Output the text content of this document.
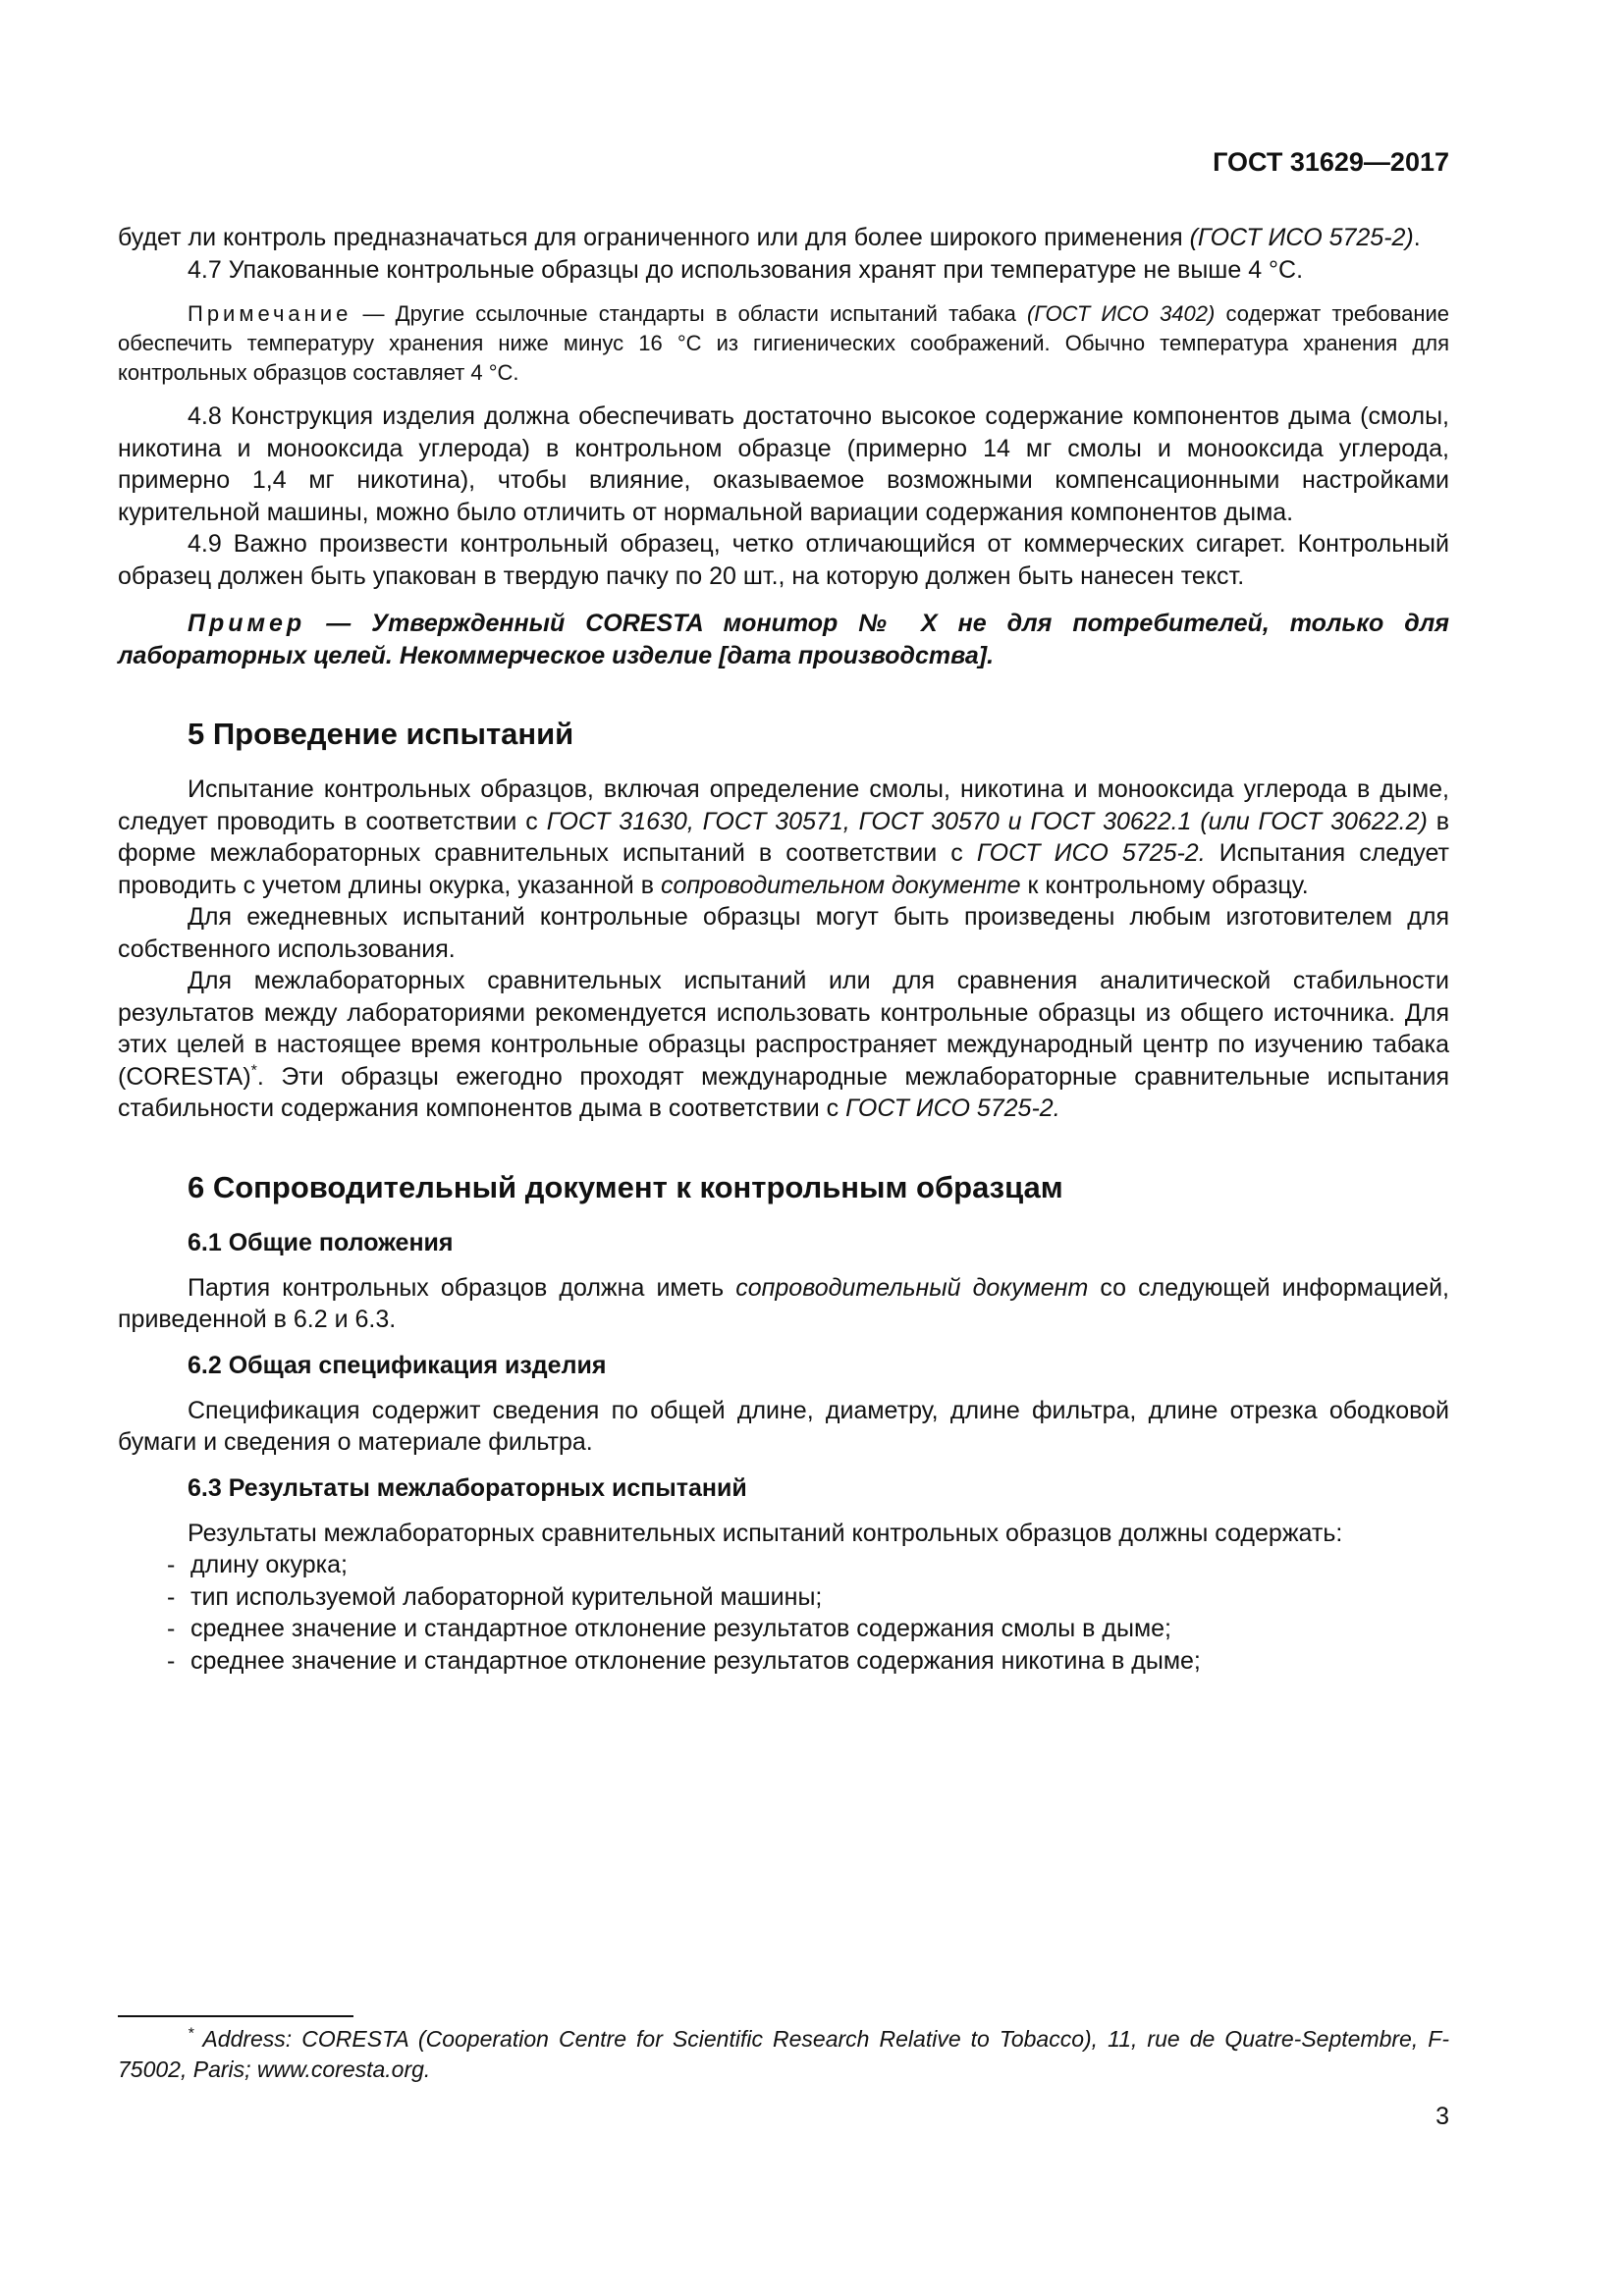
ГОСТ 31629—2017

будет ли контроль предназначаться для ограниченного или для более широкого применения (ГОСТ ИСО 5725-2).

4.7 Упакованные контрольные образцы до использования хранят при температуре не выше 4 °С.

Примечание — Другие ссылочные стандарты в области испытаний табака (ГОСТ ИСО 3402) содержат требование обеспечить температуру хранения ниже минус 16 °С из гигиенических соображений. Обычно температура хранения для контрольных образцов составляет 4 °С.

4.8 Конструкция изделия должна обеспечивать достаточно высокое содержание компонентов дыма (смолы, никотина и монооксида углерода) в контрольном образце (примерно 14 мг смолы и монооксида углерода, примерно 1,4 мг никотина), чтобы влияние, оказываемое возможными компенсационными настройками курительной машины, можно было отличить от нормальной вариации содержания компонентов дыма.

4.9 Важно произвести контрольный образец, четко отличающийся от коммерческих сигарет. Контрольный образец должен быть упакован в твердую пачку по 20 шт., на которую должен быть нанесен текст.

Пример — Утвержденный CORESTA монитор № Х не для потребителей, только для лабораторных целей. Некоммерческое изделие [дата производства].

5 Проведение испытаний

Испытание контрольных образцов, включая определение смолы, никотина и монооксида углерода в дыме, следует проводить в соответствии с ГОСТ 31630, ГОСТ 30571, ГОСТ 30570 и ГОСТ 30622.1 (или ГОСТ 30622.2) в форме межлабораторных сравнительных испытаний в соответствии с ГОСТ ИСО 5725-2. Испытания следует проводить с учетом длины окурка, указанной в сопроводительном документе к контрольному образцу.

Для ежедневных испытаний контрольные образцы могут быть произведены любым изготовителем для собственного использования.

Для межлабораторных сравнительных испытаний или для сравнения аналитической стабильности результатов между лабораториями рекомендуется использовать контрольные образцы из общего источника. Для этих целей в настоящее время контрольные образцы распространяет международный центр по изучению табака (CORESTA)*. Эти образцы ежегодно проходят международные межлабораторные сравнительные испытания стабильности содержания компонентов дыма в соответствии с ГОСТ ИСО 5725-2.

6 Сопроводительный документ к контрольным образцам
6.1 Общие положения

Партия контрольных образцов должна иметь сопроводительный документ со следующей информацией, приведенной в 6.2 и 6.3.

6.2 Общая спецификация изделия

Спецификация содержит сведения по общей длине, диаметру, длине фильтра, длине отрезка ободковой бумаги и сведения о материале фильтра.

6.3 Результаты межлабораторных испытаний

Результаты межлабораторных сравнительных испытаний контрольных образцов должны содержать:

- длину окурка;
- тип используемой лабораторной курительной машины;
- среднее значение и стандартное отклонение результатов содержания смолы в дыме;
- среднее значение и стандартное отклонение результатов содержания никотина в дыме;

* Address: CORESTA (Cooperation Centre for Scientific Research Relative to Tobacco), 11, rue de Quatre-Septembre, F-75002, Paris; www.coresta.org.

3
